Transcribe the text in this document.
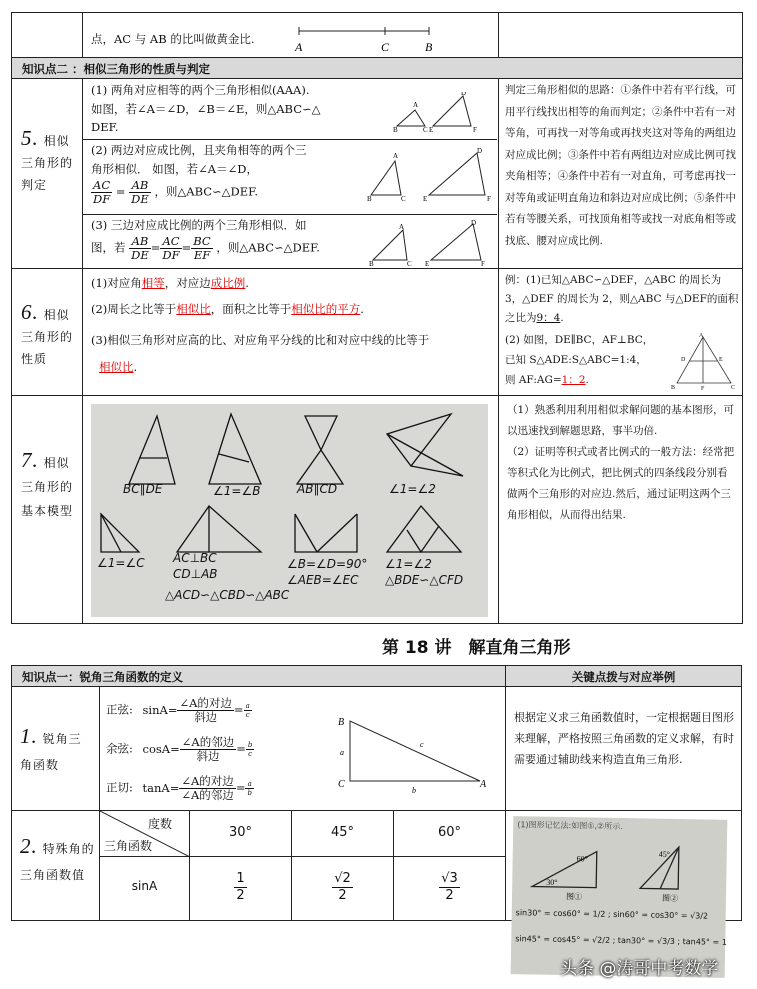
点，AC 与 AB 的比叫做黄金比.
A	C	B
知识点二 ：相似三角形的性质与判定
5. 相似三角形的判定
(1) 两角对应相等的两个三角形相似(AAA).
如图，若∠A＝∠D，∠B＝∠E，则△ABC∽△
DEF.
A
B	C
D
E	F
(2) 两边对应成比例，且夹角相等的两个三
角形相似． 如图，若∠A＝∠D，
$\frac{AC}{DF} = \frac{AB}{DE}$ ，则△ABC∽△DEF.
A
B	C
D
E	F
(3) 三边对应成比例的两个三角形相似．如
图，若 $\frac{AB}{DE} = \frac{AC}{DF} = \frac{BC}{EF}$ ，则△ABC∽△DEF.
A
B	C
D
E	F
判定三角形相似的思路：①条件中若有平行线，可用平行线找出相等的角而判定；②条件中若有一对等角，可再找一对等角或再找夹这对等角的两组边对应成比例；③条件中若有两组边对应成比例可找夹角相等；④条件中若有一对直角，可考虑再找一对等角或证明直角边和斜边对应成比例；⑤条件中若有等腰关系，可找顶角相等或找一对底角相等或找底、腰对应成比例.
6. 相似三角形的性质
(1)对应角相等，对应边成比例.
(2)周长之比等于相似比，面积之比等于相似比的平方.
(3)相似三角形对应高的比、对应角平分线的比和对应中线的比等于
相似比.
例：(1)已知△ABC∽△DEF，△ABC 的周长为 3，△DEF 的周长为 2，则△ABC 与△DEF的面积之比为9：4.
(2) 如图，DE∥BC，AF⊥BC，
已知 S△ADE:S△ABC=1:4，
则 AF:AG=1：2.
A
D	E
B	F	C
7. 相似三角形的基本模型
BC∥DE	∠1=∠B	AB∥CD	∠1=∠2
∠1=∠C AC⊥BC
CD⊥AB
△ACD∽△CBD∽△ABC
∠B=∠D=90°
∠AEB=∠EC
∠1=∠2
△BDE∽△CFD
（1）熟悉利用利用相似求解问题的基本图形，可以迅速找到解题思路，事半功倍.
（2）证明等积式或者比例式的一般方法：经常把等积式化为比例式，把比例式的四条线段分别看做两个三角形的对应边.然后，通过证明这两个三角形相似，从而得出结果.
第 18 讲　解直角三角形
知识点一：锐角三角函数的定义	关键点拨与对应举例
1. 锐角三角函数
正弦: $\sin A= \frac{\text{∠A的对边}}{\text{斜边}} = \frac{a}{c}$
余弦: $\cos A= \frac{\text{∠A的邻边}}{\text{斜边}} = \frac{b}{c}$
正切: $\tan A= \frac{\text{∠A的对边}}{\text{∠A的邻边}} = \frac{a}{b}$
B
C	A
a
b
c
根据定义求三角函数值时，一定根据题目图形来理解，严格按照三角函数的定义求解，有时需要通过辅助线来构造直角三角形.
2. 特殊角的三角函数值
度数
三角函数
30°	45°	60°
sinA	$\frac{1}{2}$	$\frac{√2}{2}$	$\frac{√3}{2}$
(1)图形记忆法:如图①,②所示.
60°
30°
45°
图①	图②
sin30° = cos60° = 1/2 ; sin60° = cos30° = √3/2
sin45° = cos45° = √2/2 ; tan30° = √3/3 ; tan45° = 1
头条 @涛哥中考数学
